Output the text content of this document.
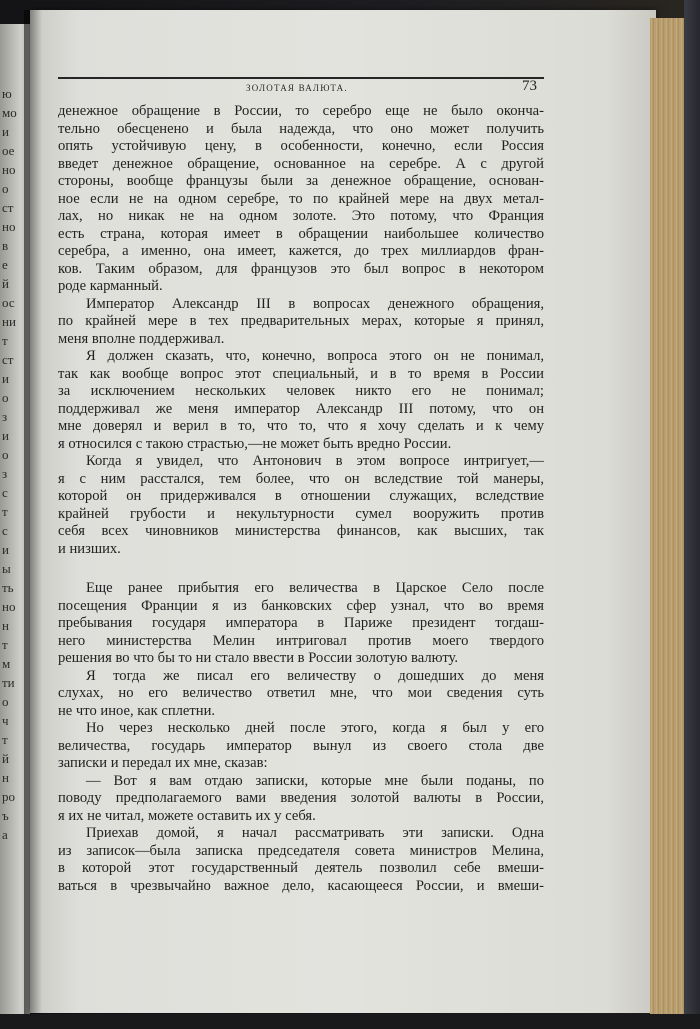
ю
мо
и
ое
но
о
ст
но
в
е
й
ос
ни
т
ст
и
о
з
и
о
з
с
т
с
и
ы
ть
но
н
т
м
ти
о
ч
т
й
н
ро
ъ
а
ЗОЛОТАЯ ВАЛЮТА.	73
денежное обращение в России, то серебро еще не было оконча-
тельно обесценено и была надежда, что оно может получить
опять устойчивую цену, в особенности, конечно, если Россия
введет денежное обращение, основанное на серебре. А с другой
стороны, вообще французы были за денежное обращение, основан-
ное если не на одном серебре, то по крайней мере на двух метал-
лах, но никак не на одном золоте. Это потому, что Франция
есть страна, которая имеет в обращении наибольшее количество
серебра, а именно, она имеет, кажется, до трех миллиардов фран-
ков. Таким образом, для французов это был вопрос в некотором
роде карманный.
Император Александр III в вопросах денежного обращения,
по крайней мере в тех предварительных мерах, которые я принял,
меня вполне поддерживал.
Я должен сказать, что, конечно, вопроса этого он не понимал,
так как вообще вопрос этот специальный, и в то время в России
за исключением нескольких человек никто его не понимал;
поддерживал же меня император Александр III потому, что он
мне доверял и верил в то, что то, что я хочу сделать и к чему
я относился с такою страстью,—не может быть вредно России.
Когда я увидел, что Антонович в этом вопросе интригует,—
я с ним расстался, тем более, что он вследствие той манеры,
которой он придерживался в отношении служащих, вследствие
крайней грубости и некультурности сумел вооружить против
себя всех чиновников министерства финансов, как высших, так
и низших.
Еще ранее прибытия его величества в Царское Село после
посещения Франции я из банковских сфер узнал, что во время
пребывания государя императора в Париже президент тогдаш-
него министерства Мелин интриговал против моего твердого
решения во что бы то ни стало ввести в России золотую валюту.
Я тогда же писал его величеству о дошедших до меня
слухах, но его величество ответил мне, что мои сведения суть
не что иное, как сплетни.
Но через несколько дней после этого, когда я был у его
величества, государь император вынул из своего стола две
записки и передал их мне, сказав:
— Вот я вам отдаю записки, которые мне были поданы, по
поводу предполагаемого вами введения золотой валюты в России,
я их не читал, можете оставить их у себя.
Приехав домой, я начал рассматривать эти записки. Одна
из записок—была записка председателя совета министров Мелина,
в которой этот государственный деятель позволил себе вмеши-
ваться в чрезвычайно важное дело, касающееся России, и вмеши-
